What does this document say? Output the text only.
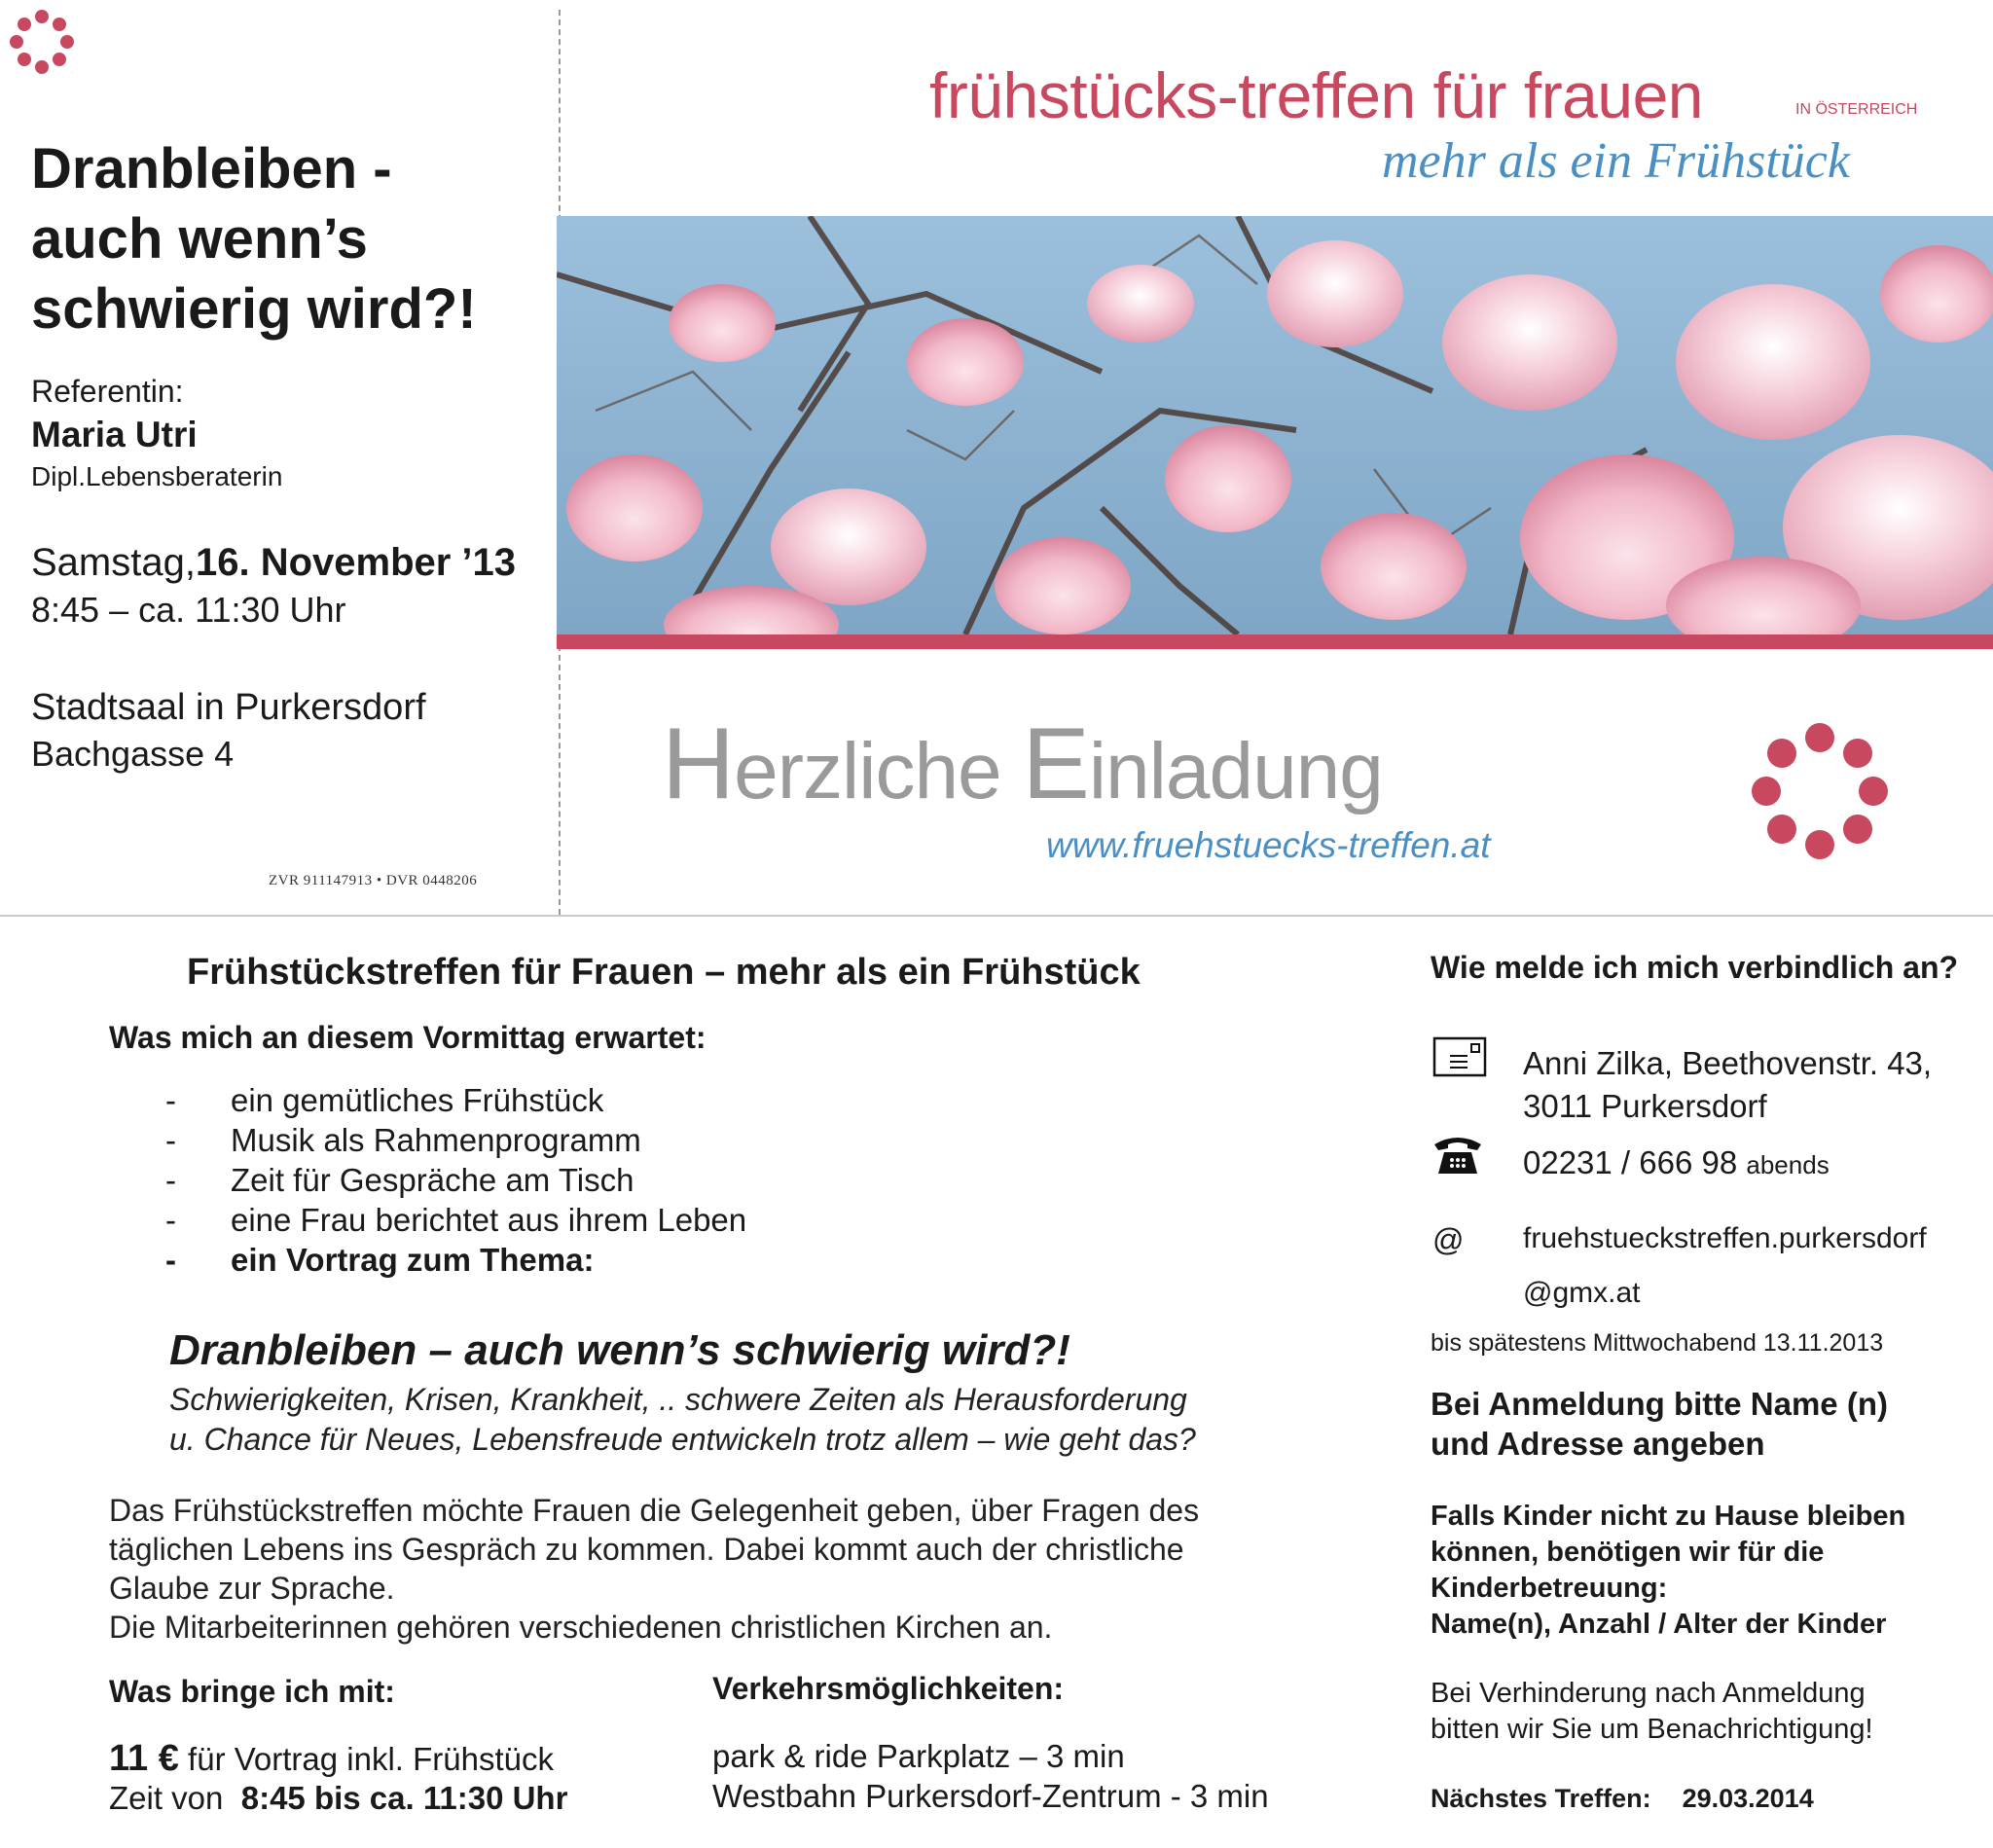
Dranbleiben -
auch wenn’s
schwierig wird?!
Referentin:
Maria Utri
Dipl.Lebensberaterin
Samstag,16. November ’13
8:45 – ca. 11:30 Uhr
Stadtsaal in Purkersdorf
Bachgasse 4
ZVR 911147913 • DVR 0448206
frühstücks-treffen für frauen	IN ÖSTERREICH
mehr als ein Frühstück
Herzliche Einladung
www.fruehstuecks-treffen.at
Frühstückstreffen für Frauen – mehr als ein Frühstück
Was mich an diesem Vormittag erwartet:
- ein gemütliches Frühstück
- Musik als Rahmenprogramm
- Zeit für Gespräche am Tisch
- eine Frau berichtet aus ihrem Leben
- ein Vortrag zum Thema:
Dranbleiben – auch wenn’s schwierig wird?!
Schwierigkeiten, Krisen, Krankheit, .. schwere Zeiten als Herausforderung
u. Chance für Neues, Lebensfreude entwickeln trotz allem – wie geht das?
Das Frühstückstreffen möchte Frauen die Gelegenheit geben, über Fragen des
täglichen Lebens ins Gespräch zu kommen. Dabei kommt auch der christliche
Glaube zur Sprache.
Die Mitarbeiterinnen gehören verschiedenen christlichen Kirchen an.
Was bringe ich mit:
11 € für Vortrag inkl. Frühstück
Zeit von  8:45 bis ca. 11:30 Uhr
Verkehrsmöglichkeiten:
park & ride Parkplatz – 3 min
Westbahn Purkersdorf-Zentrum - 3 min
Wie melde ich mich verbindlich an?
Anni Zilka, Beethovenstr. 43,
3011 Purkersdorf
02231 / 666 98 abends
@ fruehstueckstreffen.purkersdorf
@gmx.at
bis spätestens Mittwochabend 13.11.2013
Bei Anmeldung bitte Name (n)
und Adresse angeben
Falls Kinder nicht zu Hause bleiben
können, benötigen wir für die
Kinderbetreuung:
Name(n), Anzahl / Alter der Kinder
Bei Verhinderung nach Anmeldung
bitten wir Sie um Benachrichtigung!
Nächstes Treffen: 29.03.2014
